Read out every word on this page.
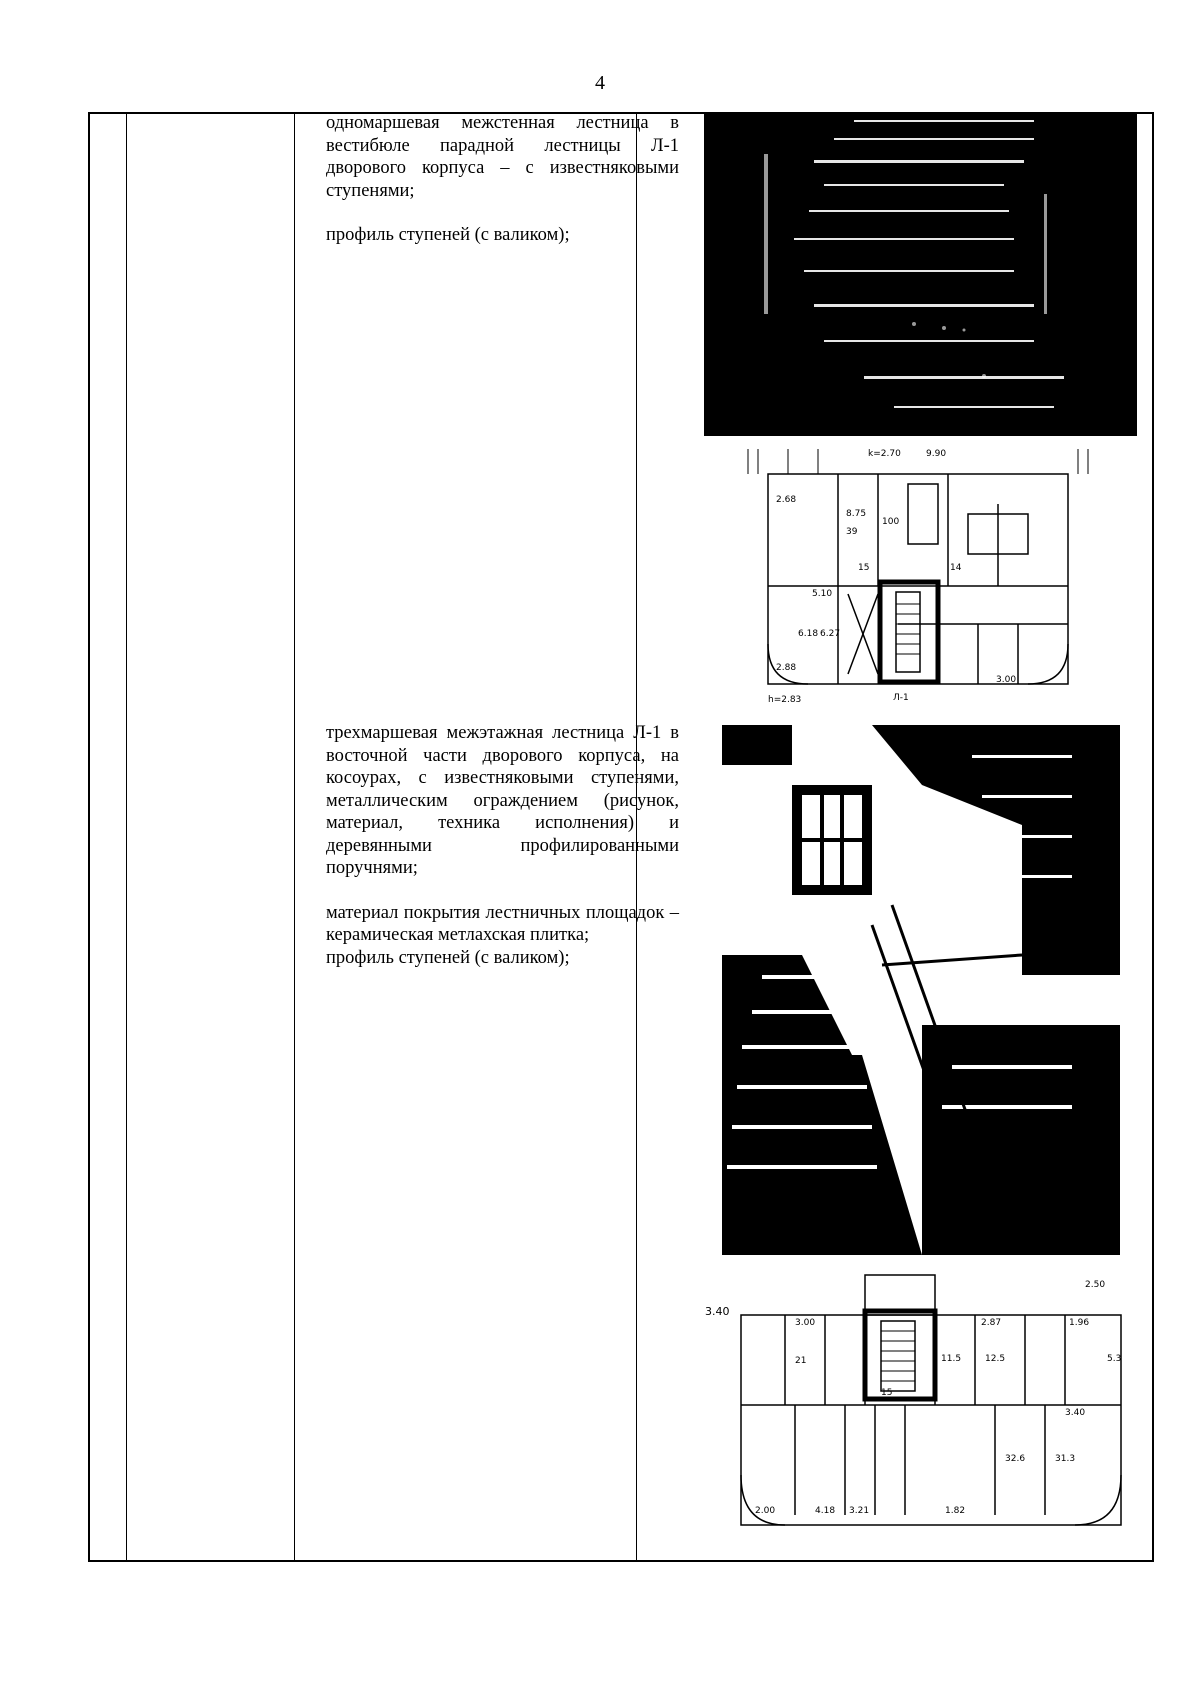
4

одномаршевая межстенная лестница в вестибюле парадной лестницы Л-1 дворового корпуса – с известняковыми ступенями;

профиль ступеней (с валиком);

k=2.70	9.90
2.68
8.75
39
100
15	14
5.10
6.18 6.27
2.88
Л-1
h=2.83
3.00

трехмаршевая межэтажная лестница Л-1 в восточной части дворового корпуса, на косоурах, с известняковыми ступенями, металлическим ограждением (рисунок, материал, техника исполнения) и деревянными профилированными поручнями;

материал покрытия лестничных площадок – керамическая метлахская плитка;

профиль ступеней (с валиком);

3.40
2.50
15
3.00	2.87	1.96
11.5	12.5
21
32.6	31.3
2.00	4.18 3.21	1.82
3.40
5.3
